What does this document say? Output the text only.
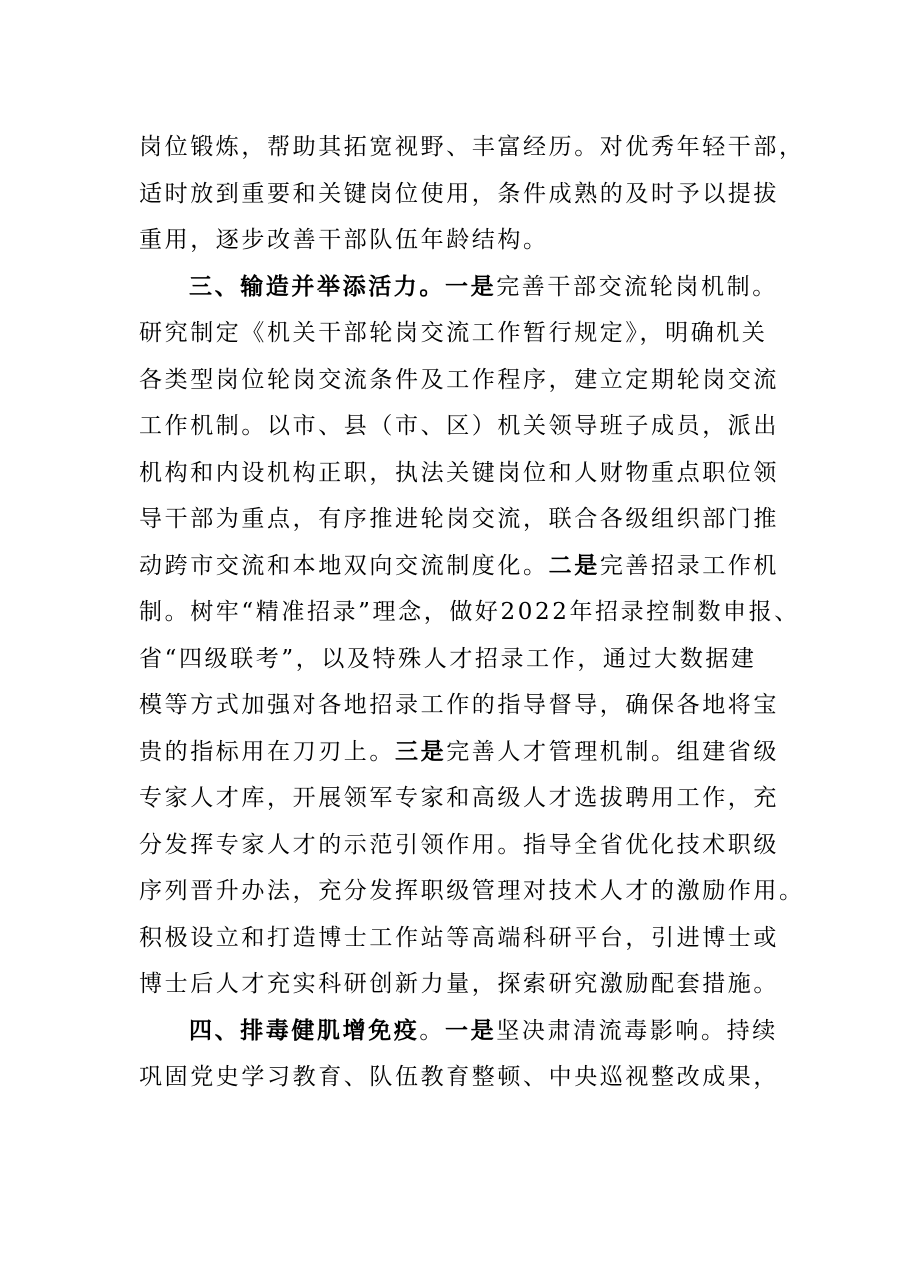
岗位锻炼，帮助其拓宽视野、丰富经历。对优秀年轻干部，
适时放到重要和关键岗位使用，条件成熟的及时予以提拔
重用，逐步改善干部队伍年龄结构。
三、输造并举添活力。一是完善干部交流轮岗机制。
研究制定《机关干部轮岗交流工作暂行规定》，明确机关
各类型岗位轮岗交流条件及工作程序，建立定期轮岗交流
工作机制。以市、县（市、区）机关领导班子成员，派出
机构和内设机构正职，执法关键岗位和人财物重点职位领
导干部为重点，有序推进轮岗交流，联合各级组织部门推
动跨市交流和本地双向交流制度化。二是完善招录工作机
制。树牢“精准招录”理念，做好2022年招录控制数申报、
省“四级联考”，以及特殊人才招录工作，通过大数据建
模等方式加强对各地招录工作的指导督导，确保各地将宝
贵的指标用在刀刃上。三是完善人才管理机制。组建省级
专家人才库，开展领军专家和高级人才选拔聘用工作，充
分发挥专家人才的示范引领作用。指导全省优化技术职级
序列晋升办法，充分发挥职级管理对技术人才的激励作用。
积极设立和打造博士工作站等高端科研平台，引进博士或
博士后人才充实科研创新力量，探索研究激励配套措施。
四、排毒健肌增免疫。一是坚决肃清流毒影响。持续
巩固党史学习教育、队伍教育整顿、中央巡视整改成果，
